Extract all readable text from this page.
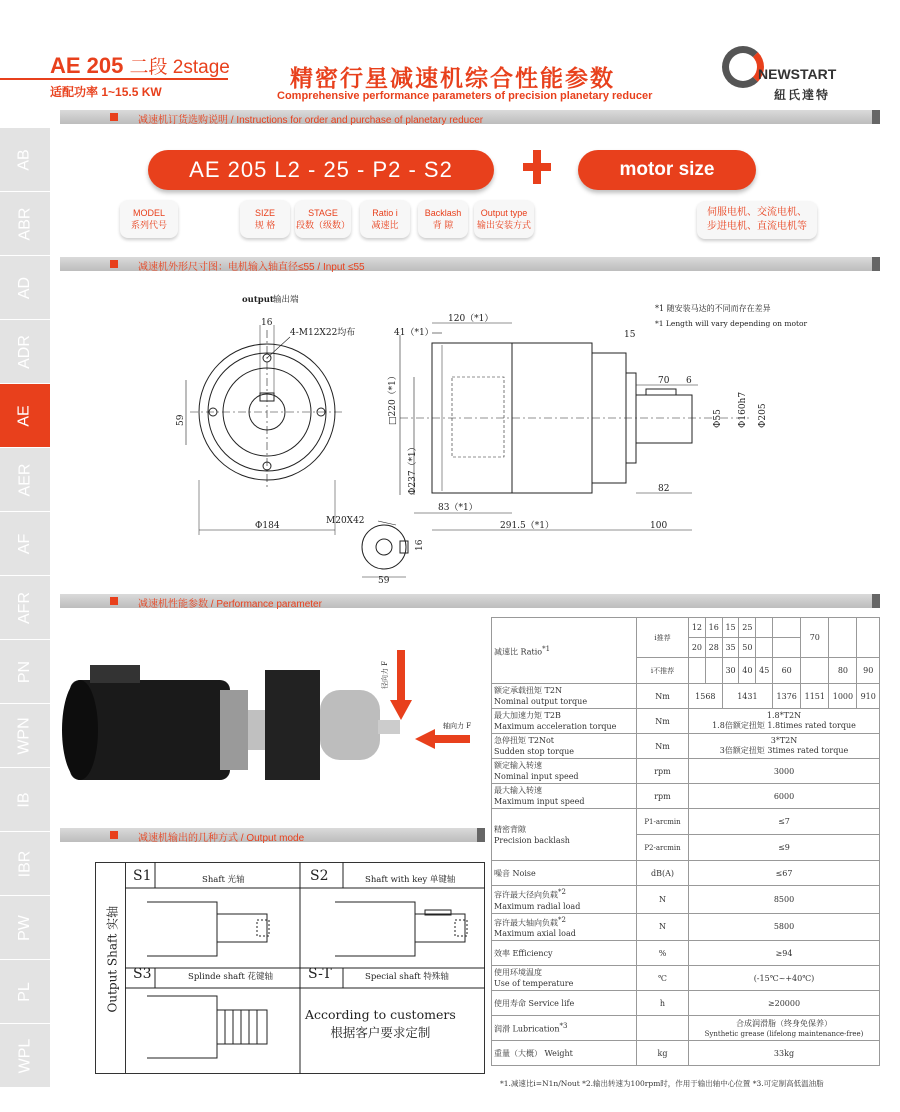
AE 205 二段 2stage
适配功率 1~15.5 KW
精密行星减速机综合性能参数
Comprehensive performance parameters of precision planetary reducer
NEWSTART
紐氏達特
AB
ABR
AD
ADR
AE
AER
AF
AFR
PN
WPN
IB
IBR
PW
PL
WPL
减速机订货选购说明 / Instructions for order and purchase of planetary reducer
减速机外形尺寸图：电机输入轴直径≤55 / Input ≤55
减速机性能参数 / Performance parameter
减速机输出的几种方式 / Output mode
AE 205 L2 - 25 - P2 - S2	motor size
MODEL
系列代号
SIZE
规 格
STAGE
段数（级数）
Ratio i
减速比
Backlash
背 隙
Output type
输出安装方式
伺服电机、交流电机、
步进电机、直流电机等
output 输出端
16
4-M12X22均布
59
Φ184
□220（*1）
Φ237（*1）
41（*1）
120（*1）
15
70 6
Φ55 Φ160h7 Φ205
82
83（*1）
291.5（*1）	100
M20X42
16
59
*1 随安装马达的不同而存在差异
*1 Length will vary depending on motor
径向力 F
轴向力 F
减速比 Ratio$^{*1}$	i推荐	12	16	15	25			70		
		20	28	35	50					
	i不推荐			30	40	45	60		80	90
额定承载扭矩 T2N
Nominal output torque	Nm	1568		1431			1376	1151	1000	910
最大加速力矩 T2B
Maximum acceleration torque	Nm	1.8*T2N
1.8倍额定扭矩 1.8times rated torque								
急停扭矩 T2Not
Sudden stop torque	Nm	3*T2N
3倍额定扭矩 3times rated torque								
额定输入转速
Nominal input speed	rpm	3000								
最大输入转速
Maximum input speed	rpm	6000								
精密背隙
Precision backlash	P1-arcmin	≤7								
	P2-arcmin	≤9								
噪音 Noise	dB(A)	≤67								
容许最大径向负载$^{*2}$
Maximum radial load	N	8500								
容许最大轴向负载$^{*2}$
Maximum axial load	N	5800								
效率 Efficiency	%	≥94								
使用环境温度
Use of temperature	℃	(-15℃~+40℃)								
使用寿命 Service life	h	≥20000								
润滑 Lubrication$^{*3}$		合成润滑脂（终身免保养）
Synthetic grease (lifelong maintenance-free)								
重量（大概） Weight	kg	33kg								
*1.减速比i=N1n/Nout *2.输出转速为100rpm时，作用于输出轴中心位置 *3.可定制高低温油脂
Output Shaft 实轴
S1	Shaft 光轴	S2	Shaft with key 单键轴
S3	Splinde shaft 花键轴 S-T	Special shaft 特殊轴
According to customers
根据客户要求定制
